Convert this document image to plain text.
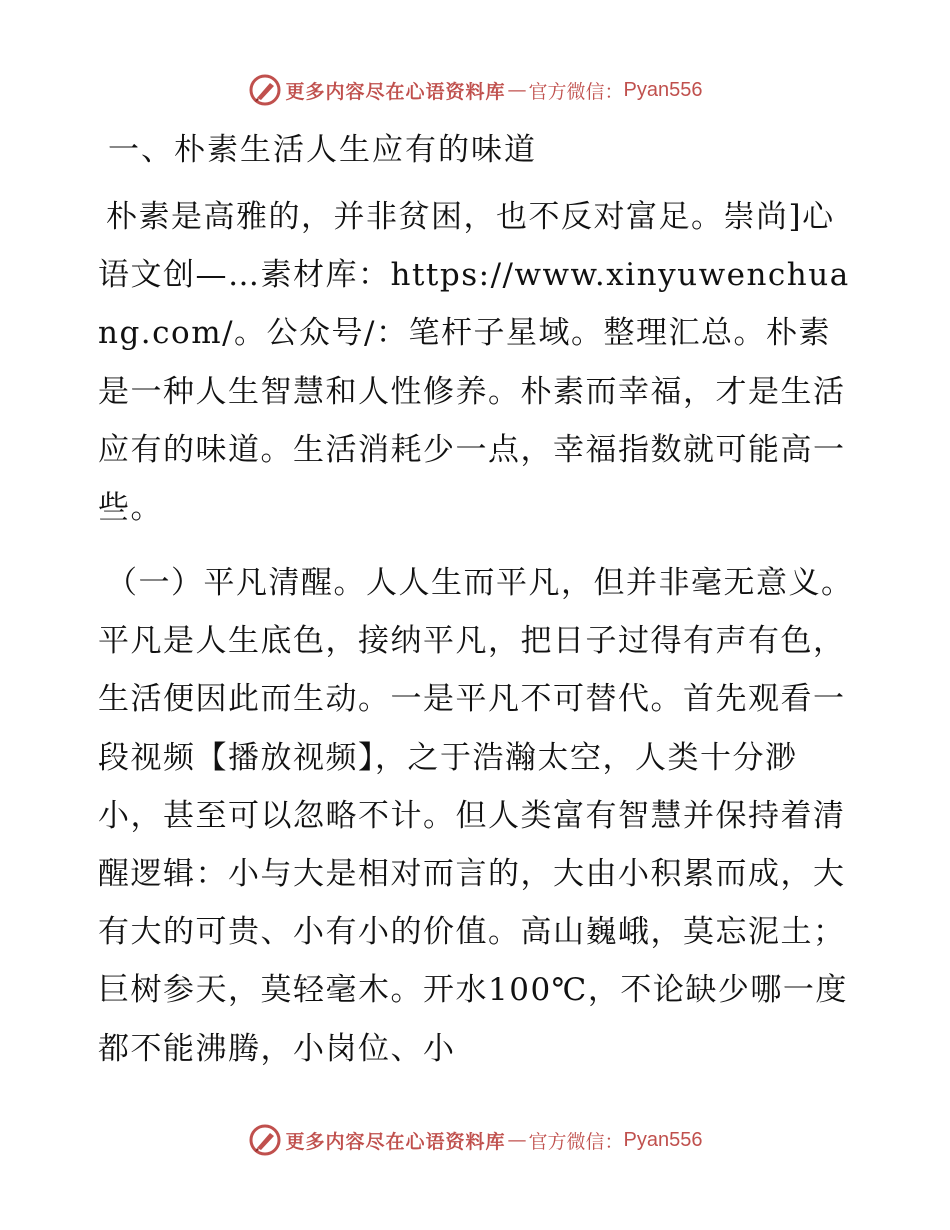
更多内容尽在心语资料库 — 官方微信： Pyan556
一、朴素生活人生应有的味道

朴素是高雅的，并非贫困，也不反对富足。崇尚]心语文创—…素材库：https://www.xinyuwenchuang.com/。公众号/：笔杆子星域。整理汇总。朴素是一种人生智慧和人性修养。朴素而幸福，才是生活应有的味道。生活消耗少一点，幸福指数就可能高一些。

（一）平凡清醒。人人生而平凡，但并非毫无意义。平凡是人生底色，接纳平凡，把日子过得有声有色，生活便因此而生动。一是平凡不可替代。首先观看一段视频【播放视频】，之于浩瀚太空，人类十分渺小，甚至可以忽略不计。但人类富有智慧并保持着清醒逻辑：小与大是相对而言的，大由小积累而成，大有大的可贵、小有小的价值。高山巍峨，莫忘泥土；巨树参天，莫轻毫木。开水100℃，不论缺少哪一度都不能沸腾，小岗位、小

更多内容尽在心语资料库 — 官方微信： Pyan556
